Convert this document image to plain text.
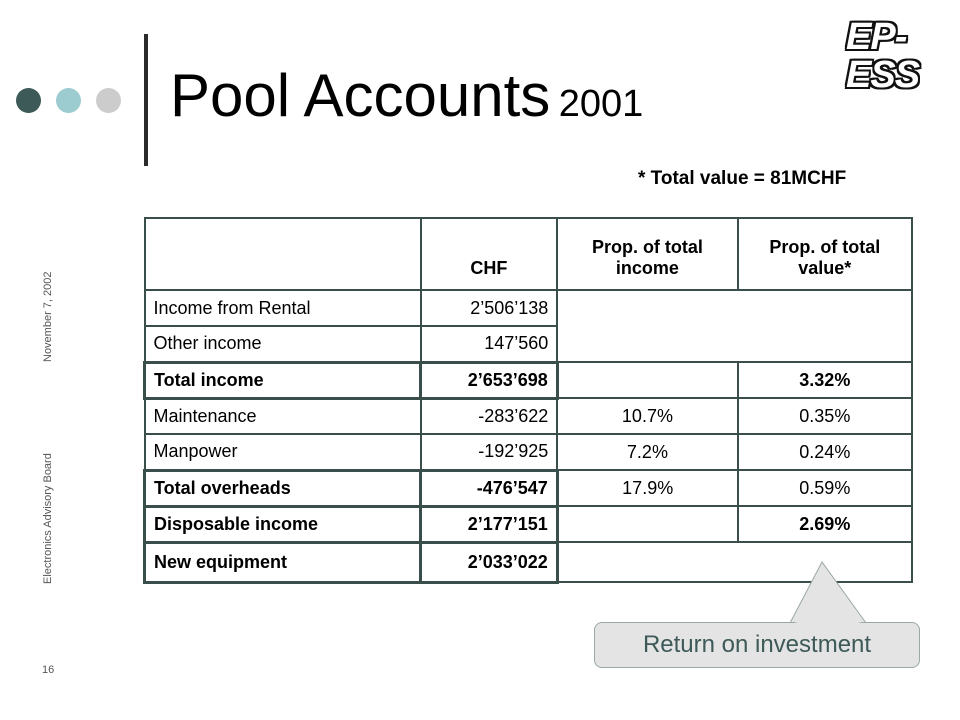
Pool Accounts 2001
EP-ESS
* Total value = 81MCHF
November 7, 2002
Electronics Advisory Board
16
	CHF	Prop. of total income	Prop. of total value*
Income from Rental	2’506’138		
Other income	147’560		
Total income	2’653’698		3.32%
Maintenance	-283’622	10.7%	0.35%
Manpower	-192’925	7.2%	0.24%
Total overheads	-476’547	17.9%	0.59%
Disposable income	2’177’151		2.69%
New equipment	2’033’022		
Return on investment
